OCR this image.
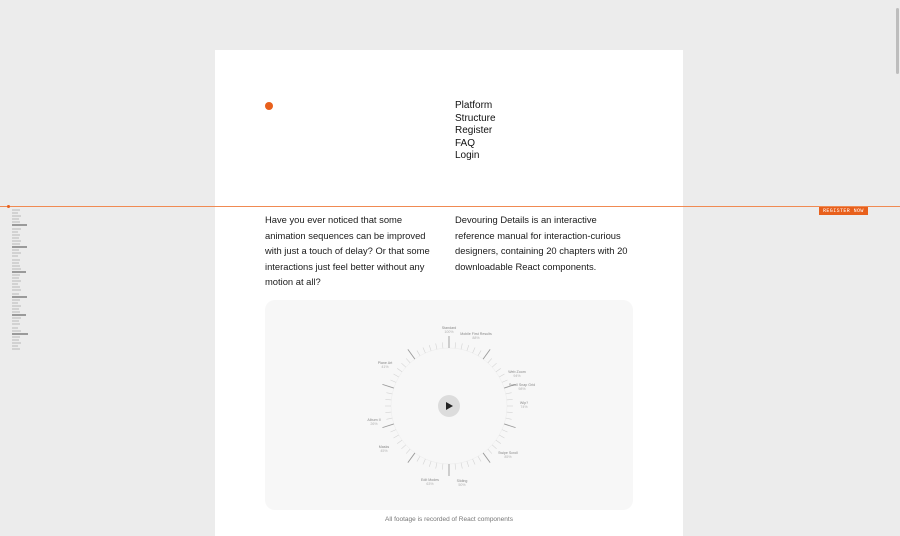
Platform
Structure
Register
FAQ
Login
REGISTER NOW

Have you ever noticed that some animation sequences can be improved with just a touch of delay? Or that some interactions just feel better without any motion at all?

Devouring Details is an interactive reference manual for interaction-curious designers, containing 20 chapters with 20 downloadable React components.

Standard
100%	Mobile First Results
88%
Web Zoom
94%
Scroll Snap Grid
98%
Wip?
74%
Swipe Scroll
85%
Sliding
50%
Edit Modes
63%
Masks
45%
Album II
26%
Plane Art
41%
All footage is recorded of React components
